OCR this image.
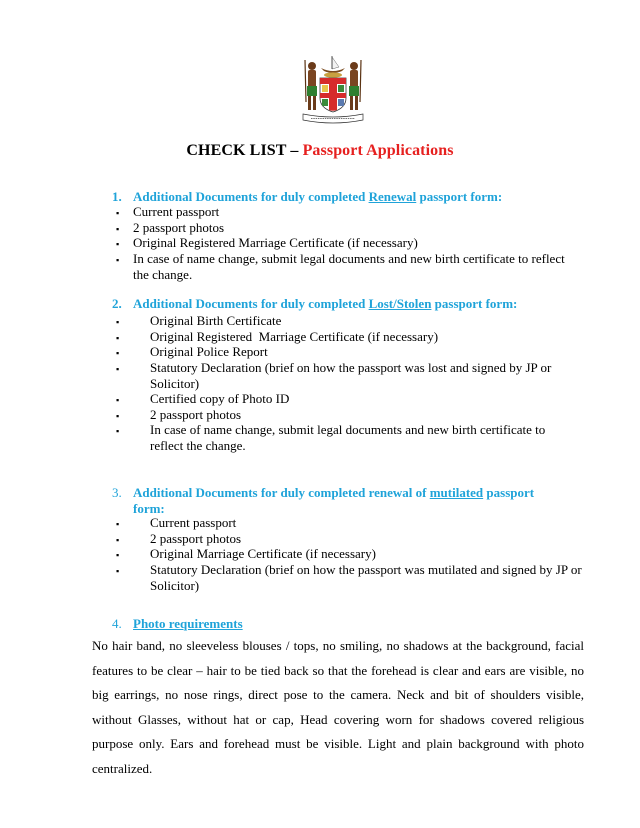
CHECK LIST – Passport Applications
1. Additional Documents for duly completed Renewal passport form:
▪ Current passport
▪ 2 passport photos
▪ Original Registered Marriage Certificate (if necessary)
▪ In case of name change, submit legal documents and new birth certificate to reflect the change.
2. Additional Documents for duly completed Lost/Stolen passport form:
▪ Original Birth Certificate
▪ Original Registered  Marriage Certificate (if necessary)
▪ Original Police Report
▪ Statutory Declaration (brief on how the passport was lost and signed by JP or Solicitor)
▪ Certified copy of Photo ID
▪ 2 passport photos
▪ In case of name change, submit legal documents and new birth certificate to reflect the change.
3. Additional Documents for duly completed renewal of mutilated passport form:
▪ Current passport
▪ 2 passport photos
▪ Original Marriage Certificate (if necessary)
▪ Statutory Declaration (brief on how the passport was mutilated and signed by JP or Solicitor)
4. Photo requirements
No hair band, no sleeveless blouses / tops, no smiling, no shadows at the background, facial features to be clear – hair to be tied back so that the forehead is clear and ears are visible, no big earrings, no nose rings, direct pose to the camera. Neck and bit of shoulders visible, without Glasses, without hat or cap, Head covering worn for shadows covered religious purpose only. Ears and forehead must be visible. Light and plain background with photo centralized.
